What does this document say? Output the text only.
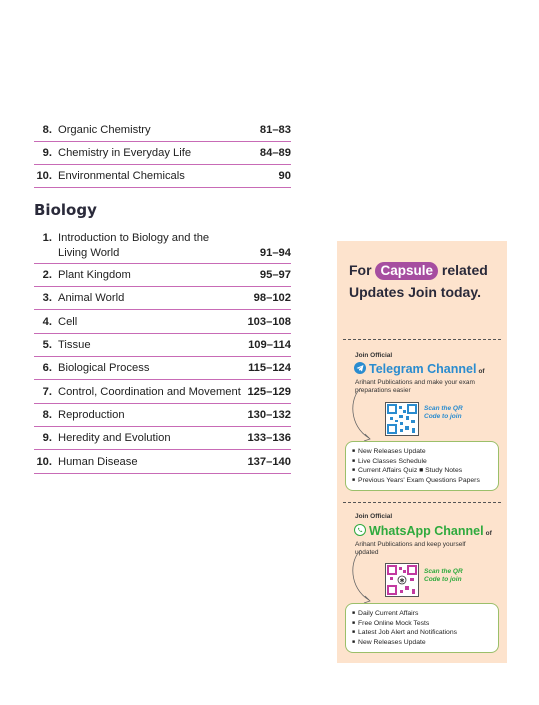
8. Organic Chemistry	81–83
9. Chemistry in Everyday Life	84–89
10. Environmental Chemicals	90
Biology
1. Introduction to Biology and the
Living World	91–94
2. Plant Kingdom	95–97
3. Animal World	98–102
4. Cell	103–108
5. Tissue	109–114
6. Biological Process	115–124
7. Control, Coordination and Movement 125–129
8. Reproduction	130–132
9. Heredity and Evolution	133–136
10. Human Disease	137–140
For Capsule related
Updates Join today.
Join Official
Telegram Channel of
Arihant Publications and make your exam preparations easier
Scan the QR Code to join
■ New Releases Update
■ Live Classes Schedule
■ Current Affairs Quiz ■ Study Notes
■ Previous Years' Exam Questions Papers
Join Official
WhatsApp Channel of
Arihant Publications and keep yourself updated
✱
Scan the QR Code to join
■ Daily Current Affairs
■ Free Online Mock Tests
■ Latest Job Alert and Notifications
■ New Releases Update
